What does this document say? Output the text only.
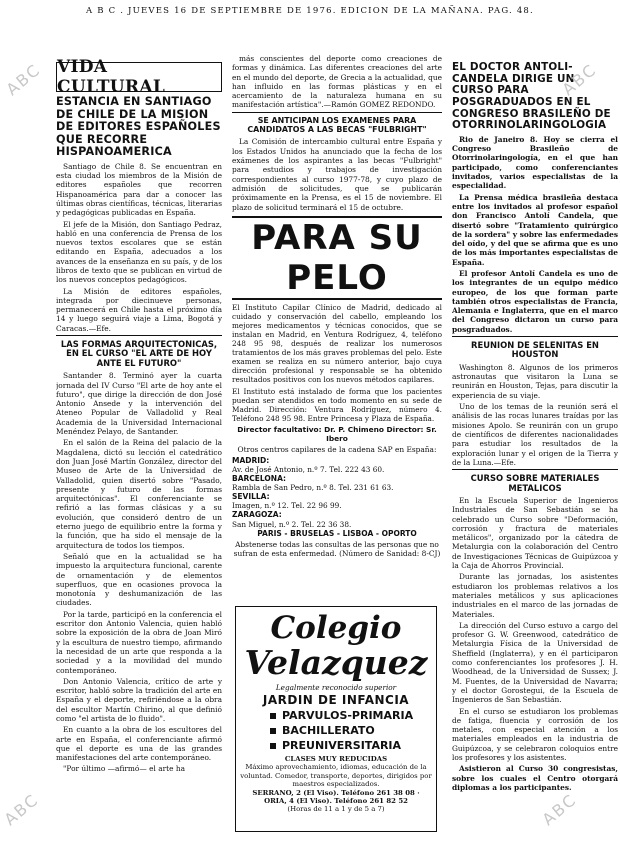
A B C . JUEVES 16 DE SEPTIEMBRE DE 1976. EDICION DE LA MAÑANA. PAG. 48.
VIDA CULTURAL
ESTANCIA EN SANTIAGO DE CHILE DE LA MISION DE EDITORES ESPAÑOLES QUE RECORRE HISPANOAMERICA

Santiago de Chile 8. Se encuentran en esta ciudad los miembros de la Misión de editores españoles que recorren Hispanoamérica para dar a conocer las últimas obras científicas, técnicas, literarias y pedagógicas publicadas en España.

El jefe de la Misión, don Santiago Pedraz, habló en una conferencia de Prensa de los nuevos textos escolares que se están editando en España, adecuados a los avances de la enseñanza en su país, y de los libros de texto que se publican en virtud de los nuevos conceptos pedagógicos.

La Misión de editores españoles, integrada por diecinueve personas, permanecerá en Chile hasta el próximo día 14 y luego seguirá viaje a Lima, Bogotá y Caracas.—Efe.

LAS FORMAS ARQUITECTONICAS, EN EL CURSO "EL ARTE DE HOY ANTE EL FUTURO"

Santander 8. Terminó ayer la cuarta jornada del IV Curso "El arte de hoy ante el futuro", que dirige la dirección de don José Antonio Ansede y la intervención del Ateneo Popular de Valladolid y Real Academia de la Universidad Internacional Menéndez Pelayo, de Santander.

En el salón de la Reina del palacio de la Magdalena, dictó su lección el catedrático don Juan José Martín González, director del Museo de Arte de la Universidad de Valladolid, quien disertó sobre "Pasado, presente y futuro de las formas arquitectónicas". El conferenciante se refirió a las formas clásicas y a su evolución, que consideró dentro de un eterno juego de equilibrio entre la forma y la función, que ha sido el mensaje de la arquitectura de todos los tiempos.

Señaló que en la actualidad se ha impuesto la arquitectura funcional, carente de ornamentación y de elementos superfluos, que en ocasiones provoca la monotonía y deshumanización de las ciudades.

Por la tarde, participó en la conferencia el escritor don Antonio Valencia, quien habló sobre la exposición de la obra de Joan Miró y la escultura de nuestro tiempo, afirmando la necesidad de un arte que responda a la sociedad y a la movilidad del mundo contemporáneo.

Don Antonio Valencia, crítico de arte y escritor, habló sobre la tradición del arte en España y el deporte, refiriéndose a la obra del escultor Martín Chirino, al que definió como "el artista de lo fluido".

En cuanto a la obra de los escultores del arte en España, el conferenciante afirmó que el deporte es una de las grandes manifestaciones del arte contemporáneo.

"Por último —afirmó— el arte ha

más conscientes del deporte como creaciones de formas y dinámica. Las diferentes creaciones del arte en el mundo del deporte, de Grecia a la actualidad, que han influido en las formas plásticas y en el acercamiento de la naturaleza humana en su manifestación artística".—Ramón GOMEZ REDONDO.

SE ANTICIPAN LOS EXAMENES PARA CANDIDATOS A LAS BECAS "FULBRIGHT"

La Comisión de intercambio cultural entre España y los Estados Unidos ha anunciado que la fecha de los exámenes de los aspirantes a las becas "Fulbright" para estudios y trabajos de investigación correspondientes al curso 1977-78, y cuyo plazo de admisión de solicitudes, que se publicarán próximamente en la Prensa, es el 15 de noviembre. El plazo de solicitud terminará el 15 de octubre.

PARA SU PELO

El Instituto Capilar Clínico de Madrid, dedicado al cuidado y conservación del cabello, empleando los mejores medicamentos y técnicas conocidos, que se instalan en Madrid, en Ventura Rodríguez, 4, teléfono 248 95 98, después de realizar los numerosos tratamientos de los más graves problemas del pelo. Este examen se realiza en su número anterior, bajo cuya dirección profesional y responsable se ha obtenido resultados positivos con los nuevos métodos capilares.

El Instituto está instalado de forma que los pacientes puedan ser atendidos en todo momento en su sede de Madrid. Dirección: Ventura Rodríguez, número 4. Teléfono 248 95 98. Entre Princesa y Plaza de España.

Director facultativo: Dr. P. Chimeno Director: Sr. Ibero

Otros centros capilares de la cadena SAP en España:

MADRID:

Av. de José Antonio, n.º 7. Tel. 222 43 60.

BARCELONA:

Rambla de San Pedro, n.º 8. Tel. 231 61 63.

SEVILLA:

Imagen, n.º 12. Tel. 22 96 99.

ZARAGOZA:

San Miguel, n.º 2. Tel. 22 36 38.

PARIS - BRUSELAS - LISBOA - OPORTO

Abstenerse todas las consultas de las personas que no sufran de esta enfermedad. (Número de Sanidad: 8-CJ)

Colegio
Velazquez
Legalmente reconocido superior
JARDIN DE INFANCIA
PARVULOS-PRIMARIA
BACHILLERATO
PREUNIVERSITARIA
CLASES MUY REDUCIDAS
Máximo aprovechamiento, idiomas, educación de la voluntad. Comedor, transporte, deportes, dirigidos por maestros especializados.
SERRANO, 2 (El Viso). Teléfono 261 38 08 · ORIA, 4 (El Viso). Teléfono 261 82 52
(Horas de 11 a 1 y de 5 a 7)
EL DOCTOR ANTOLI-CANDELA DIRIGE UN CURSO PARA POSGRADUADOS EN EL CONGRESO BRASILEÑO DE OTORRINOLARINGOLOGIA

Rio de Janeiro 8. Hoy se cierra el Congreso Brasileño de Otorrinolaringología, en el que han participado, como conferenciantes invitados, varios especialistas de la especialidad.

La Prensa médica brasileña destaca entre los invitados al profesor español don Francisco Antolí Candela, que disertó sobre "Tratamiento quirúrgico de la sordera" y sobre las enfermedades del oído, y del que se afirma que es uno de los más importantes especialistas de España.

El profesor Antolí Candela es uno de los integrantes de un equipo médico europeo, de los que forman parte también otros especialistas de Francia, Alemania e Inglaterra, que en el marco del Congreso dictaron un curso para posgraduados.

REUNION DE SELENITAS EN HOUSTON

Washington 8. Algunos de los primeros astronautas que visitaron la Luna se reunirán en Houston, Tejas, para discutir la experiencia de su viaje.

Uno de los temas de la reunión será el análisis de las rocas lunares traídas por las misiones Apolo. Se reunirán con un grupo de científicos de diferentes nacionalidades para estudiar los resultados de la exploración lunar y el origen de la Tierra y de la Luna.—Efe.

CURSO SOBRE MATERIALES METALICOS

En la Escuela Superior de Ingenieros Industriales de San Sebastián se ha celebrado un Curso sobre "Deformación, corrosión y fractura de materiales metálicos", organizado por la cátedra de Metalurgia con la colaboración del Centro de Investigaciones Técnicas de Guipúzcoa y la Caja de Ahorros Provincial.

Durante las jornadas, los asistentes estudiaron los problemas relativos a los materiales metálicos y sus aplicaciones industriales en el marco de las jornadas de Materiales.

La dirección del Curso estuvo a cargo del profesor G. W. Greenwood, catedrático de Metalurgia Física de la Universidad de Sheffield (Inglaterra), y en él participaron como conferenciantes los profesores J. H. Woodhead, de la Universidad de Sussex; J. M. Fuentes, de la Universidad de Navarra; y el doctor Gorostegui, de la Escuela de Ingenieros de San Sebastián.

En el curso se estudiaron los problemas de fatiga, fluencia y corrosión de los metales, con especial atención a los materiales empleados en la industria de Guipúzcoa, y se celebraron coloquios entre los profesores y los asistentes.

Asistieron al Curso 30 congresistas, sobre los cuales el Centro otorgará diplomas a los participantes.

ABC
ABC	ABC
ABC
